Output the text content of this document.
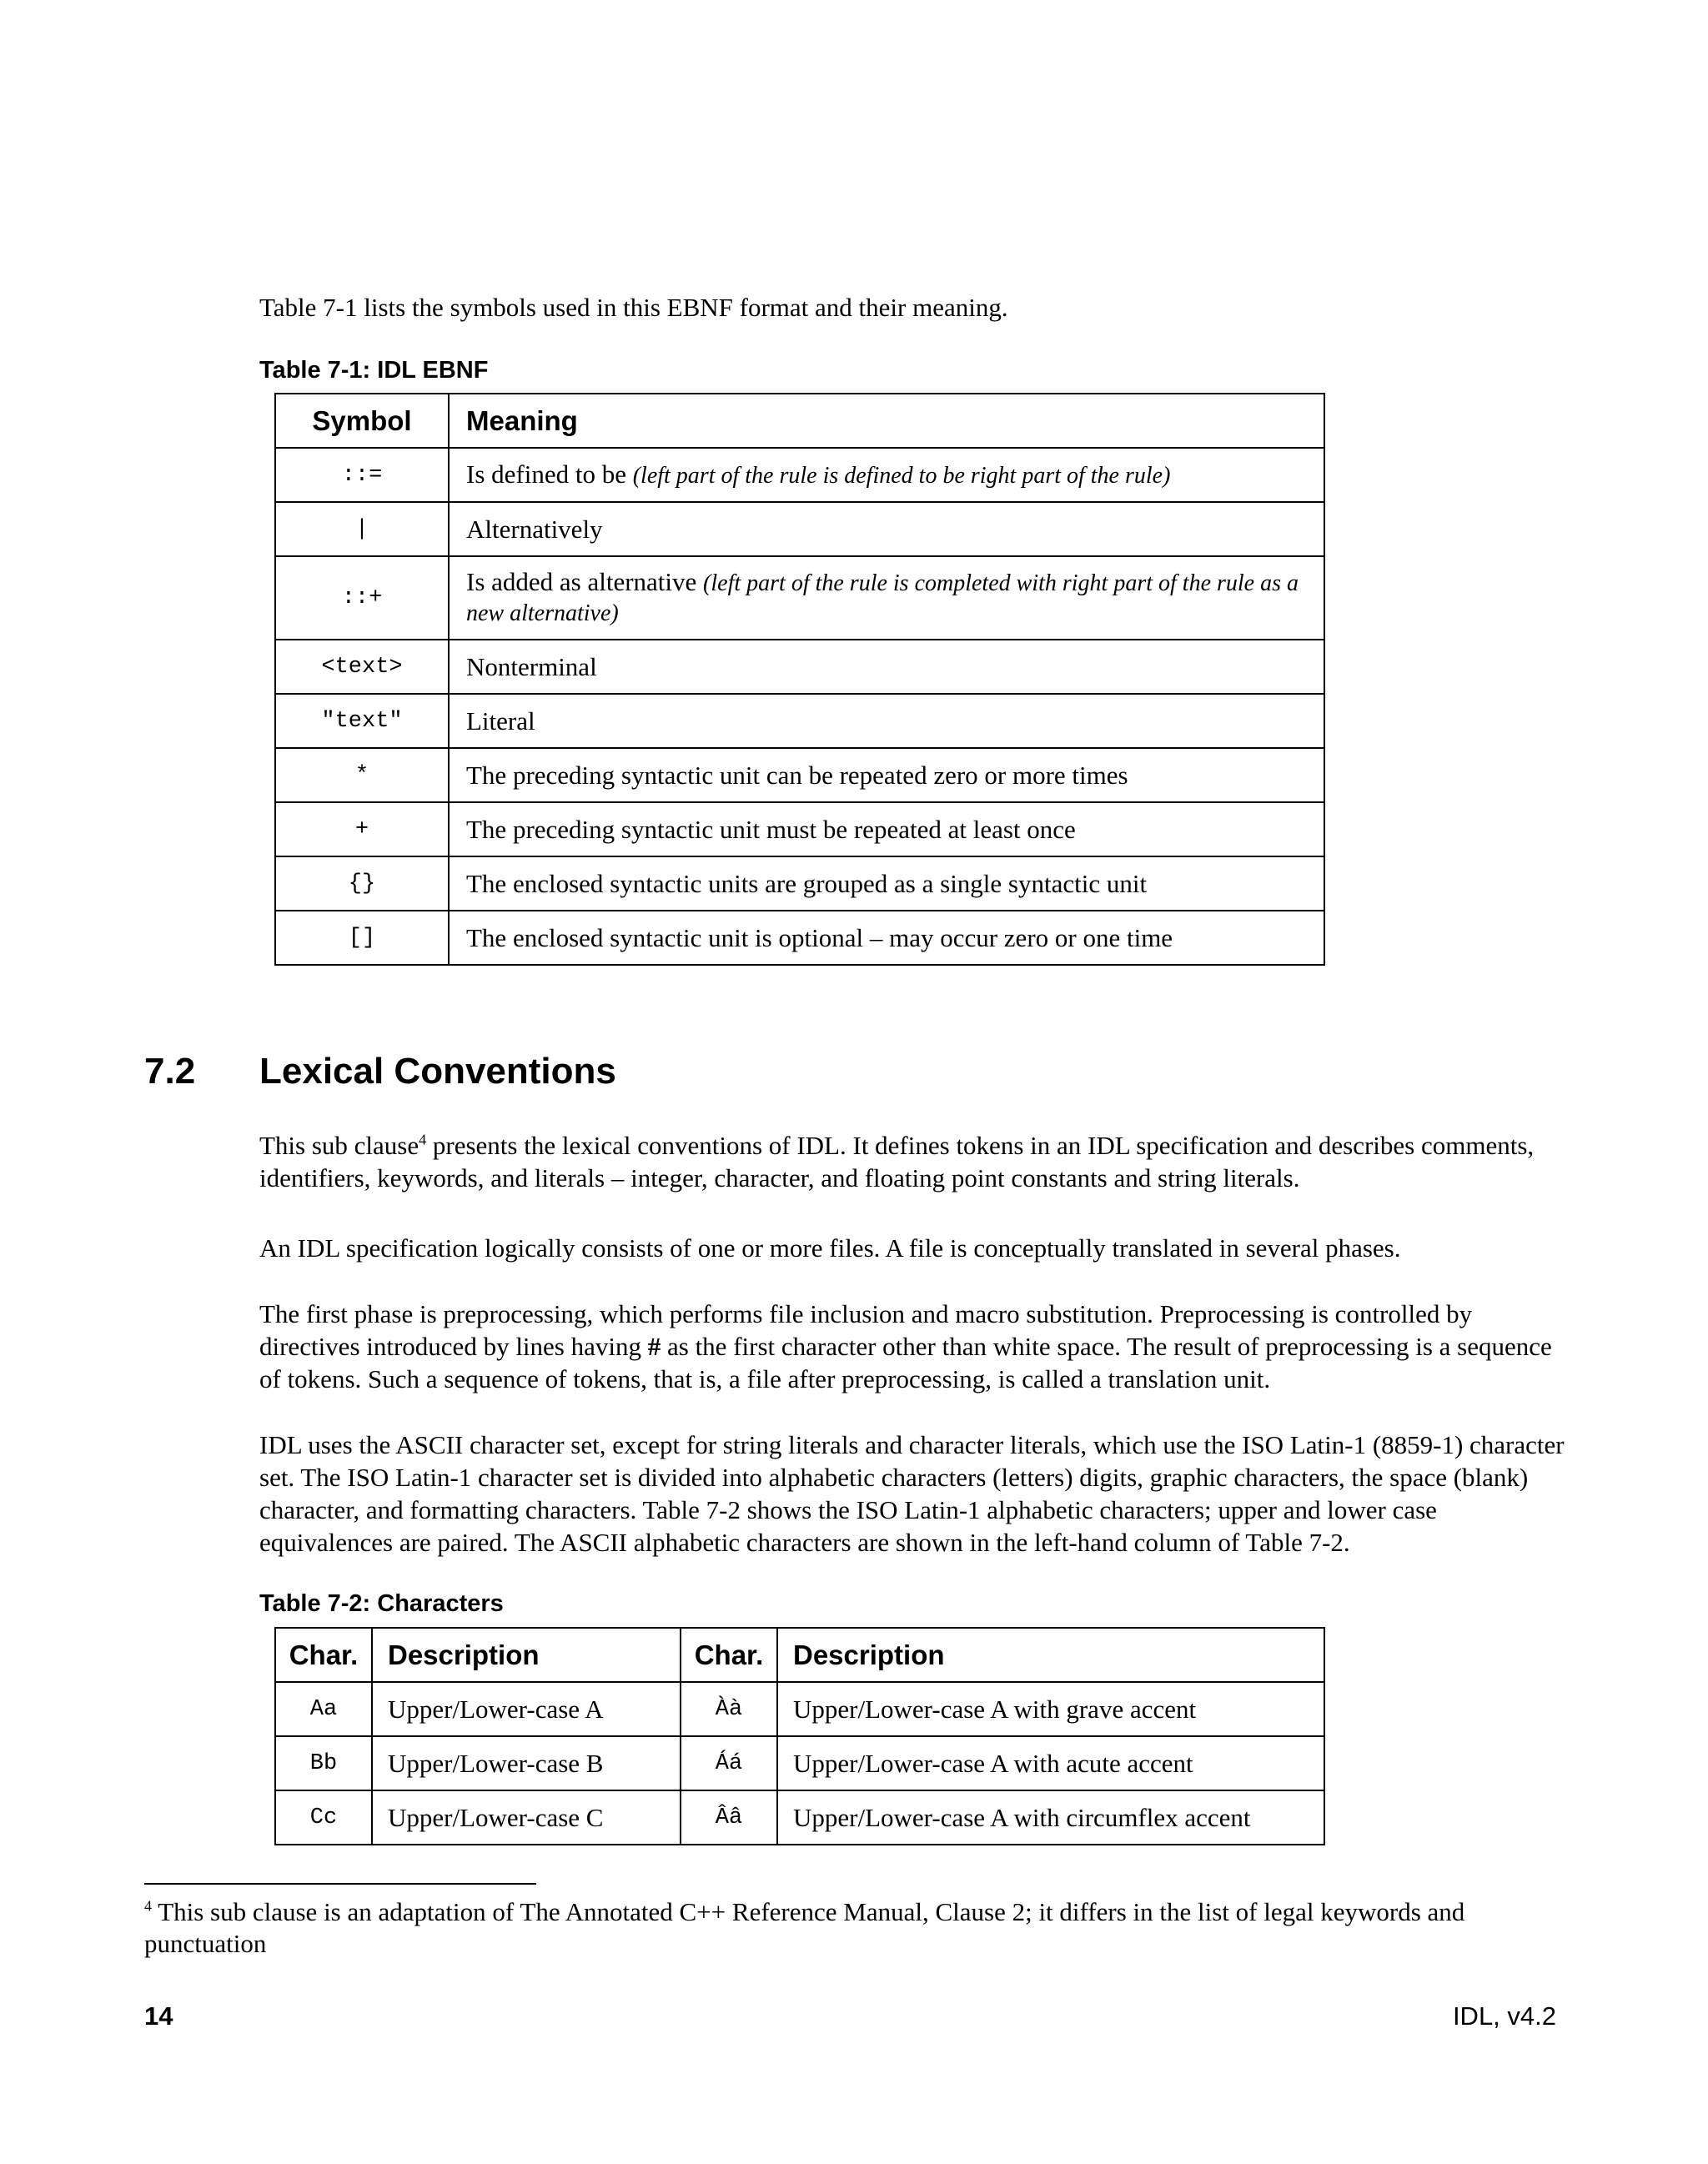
Table 7-1 lists the symbols used in this EBNF format and their meaning.
Table 7-1: IDL EBNF
Symbol	Meaning
::=	Is defined to be (left part of the rule is defined to be right part of the rule)
|	Alternatively
::+	Is added as alternative (left part of the rule is completed with right part of the rule as a new alternative)
<text>	Nonterminal
"text"	Literal
*	The preceding syntactic unit can be repeated zero or more times
+	The preceding syntactic unit must be repeated at least once
{}	The enclosed syntactic units are grouped as a single syntactic unit
[]	The enclosed syntactic unit is optional – may occur zero or one time
7.2 Lexical Conventions
This sub clause$^4$ presents the lexical conventions of IDL. It defines tokens in an IDL specification and describes comments, identifiers, keywords, and literals – integer, character, and floating point constants and string literals.
An IDL specification logically consists of one or more files. A file is conceptually translated in several phases.
The first phase is preprocessing, which performs file inclusion and macro substitution. Preprocessing is controlled by directives introduced by lines having # as the first character other than white space. The result of preprocessing is a sequence of tokens. Such a sequence of tokens, that is, a file after preprocessing, is called a translation unit.
IDL uses the ASCII character set, except for string literals and character literals, which use the ISO Latin-1 (8859-1) character set. The ISO Latin-1 character set is divided into alphabetic characters (letters) digits, graphic characters, the space (blank) character, and formatting characters. Table 7-2 shows the ISO Latin-1 alphabetic characters; upper and lower case equivalences are paired. The ASCII alphabetic characters are shown in the left-hand column of Table 7-2.
Table 7-2: Characters
Char.	Description	Char.	Description
Aa	Upper/Lower-case A	Àà	Upper/Lower-case A with grave accent
Bb	Upper/Lower-case B	Áá	Upper/Lower-case A with acute accent
Cc	Upper/Lower-case C	Ââ	Upper/Lower-case A with circumflex accent
$^4$ This sub clause is an adaptation of The Annotated C++ Reference Manual, Clause 2; it differs in the list of legal keywords and punctuation
14	IDL, v4.2
